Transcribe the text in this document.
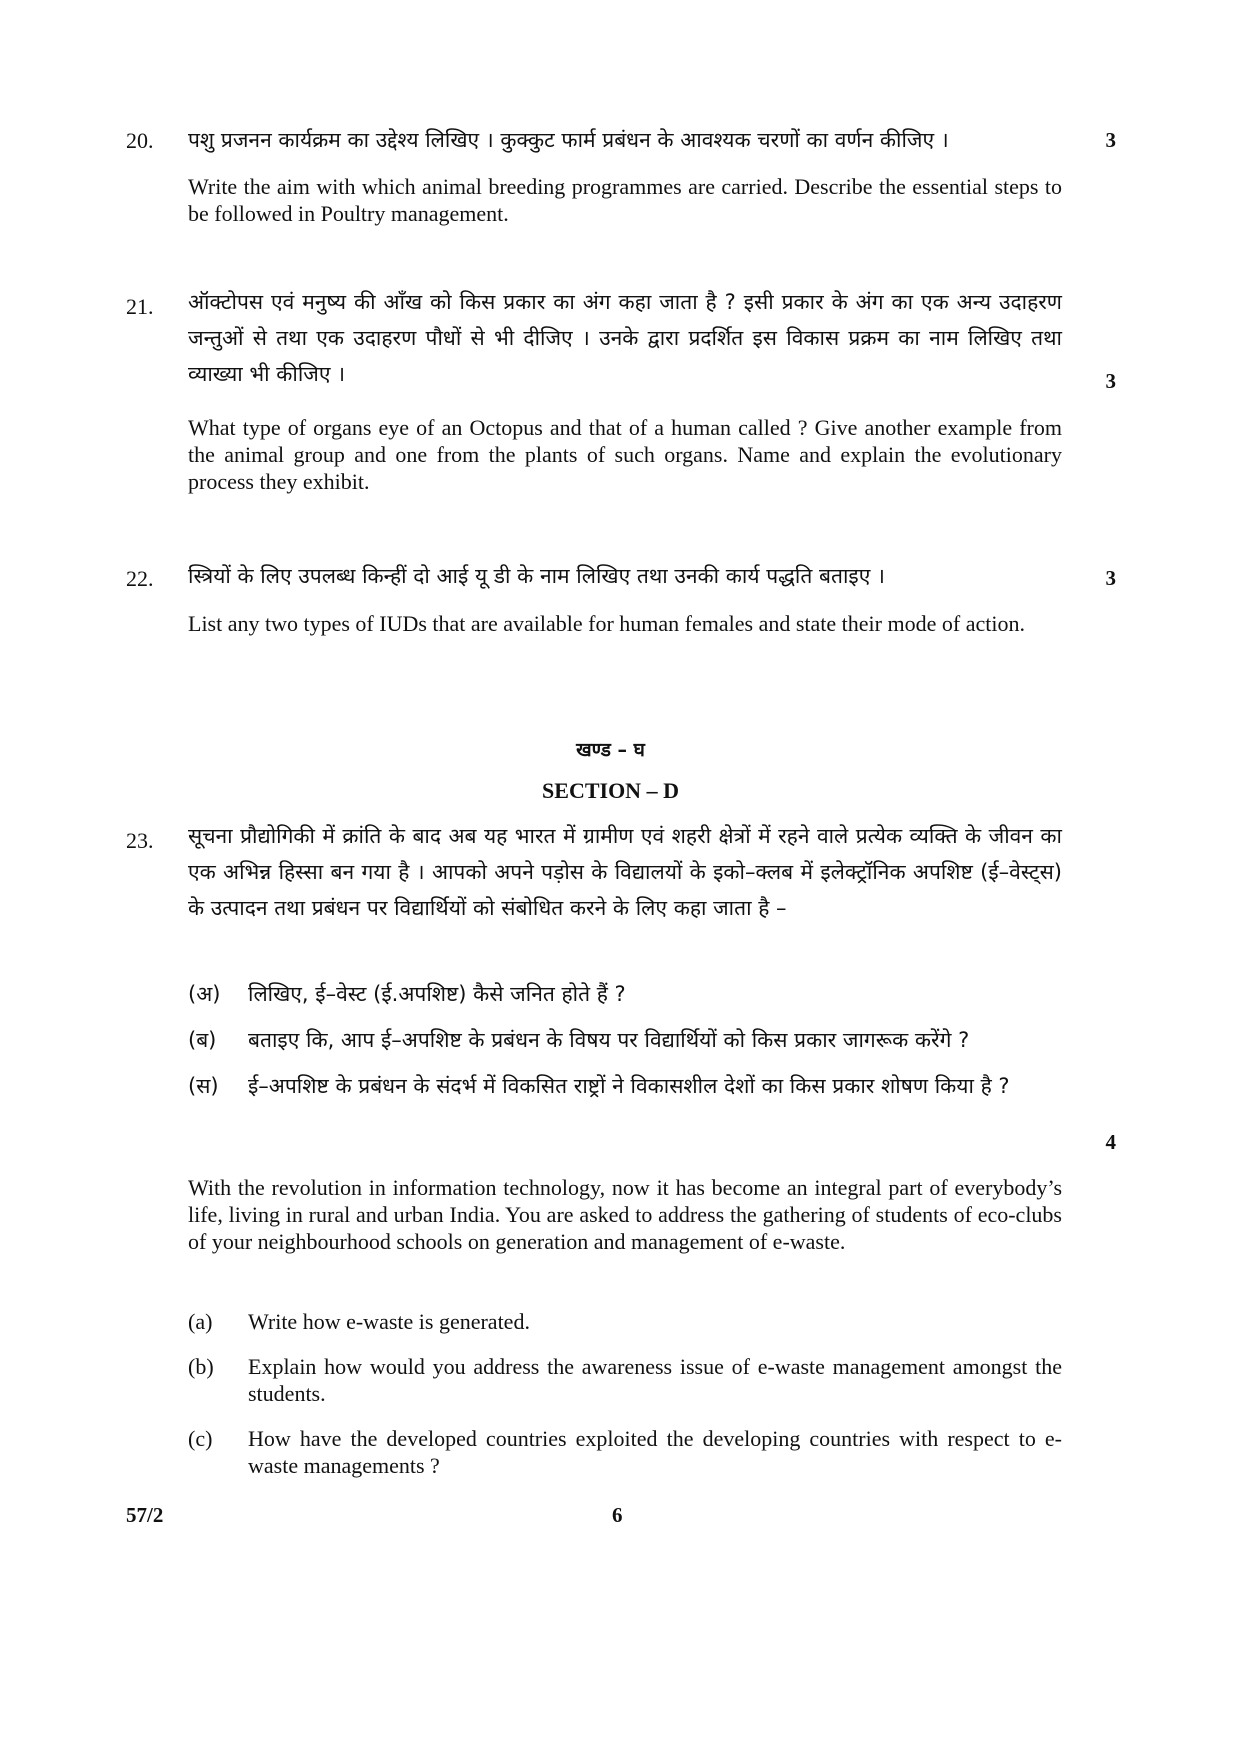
20. पशु प्रजनन कार्यक्रम का उद्देश्य लिखिए । कुक्कुट फार्म प्रबंधन के आवश्यक चरणों का वर्णन कीजिए ।	3
Write the aim with which animal breeding programmes are carried. Describe the essential steps to be followed in Poultry management.
21. ऑक्टोपस एवं मनुष्य की आँख को किस प्रकार का अंग कहा जाता है ? इसी प्रकार के अंग का एक अन्य उदाहरण जन्तुओं से तथा एक उदाहरण पौधों से भी दीजिए । उनके द्वारा प्रदर्शित इस विकास प्रक्रम का नाम लिखिए तथा व्याख्या भी कीजिए ।	3
What type of organs eye of an Octopus and that of a human called ? Give another example from the animal group and one from the plants of such organs. Name and explain the evolutionary process they exhibit.
22. स्त्रियों के लिए उपलब्ध किन्हीं दो आई यू डी के नाम लिखिए तथा उनकी कार्य पद्धति बताइए ।	3
List any two types of IUDs that are available for human females and state their mode of action.
खण्ड – घ
SECTION – D
23. सूचना प्रौद्योगिकी में क्रांति के बाद अब यह भारत में ग्रामीण एवं शहरी क्षेत्रों में रहने वाले प्रत्येक व्यक्ति के जीवन का एक अभिन्न हिस्सा बन गया है । आपको अपने पड़ोस के विद्यालयों के इको–क्लब में इलेक्ट्रॉनिक अपशिष्ट (ई–वेस्ट्स) के उत्पादन तथा प्रबंधन पर विद्यार्थियों को संबोधित करने के लिए कहा जाता है –
(अ) लिखिए, ई–वेस्ट (ई.अपशिष्ट) कैसे जनित होते हैं ?
(ब) बताइए कि, आप ई–अपशिष्ट के प्रबंधन के विषय पर विद्यार्थियों को किस प्रकार जागरूक करेंगे ?
(स) ई–अपशिष्ट के प्रबंधन के संदर्भ में विकसित राष्ट्रों ने विकासशील देशों का किस प्रकार शोषण किया है ?
4
With the revolution in information technology, now it has become an integral part of everybody’s life, living in rural and urban India. You are asked to address the gathering of students of eco-clubs of your neighbourhood schools on generation and management of e-waste.
(a) Write how e-waste is generated.
(b) Explain how would you address the awareness issue of e-waste management amongst the students.
(c) How have the developed countries exploited the developing countries with respect to e-waste managements ?
57/2	6
